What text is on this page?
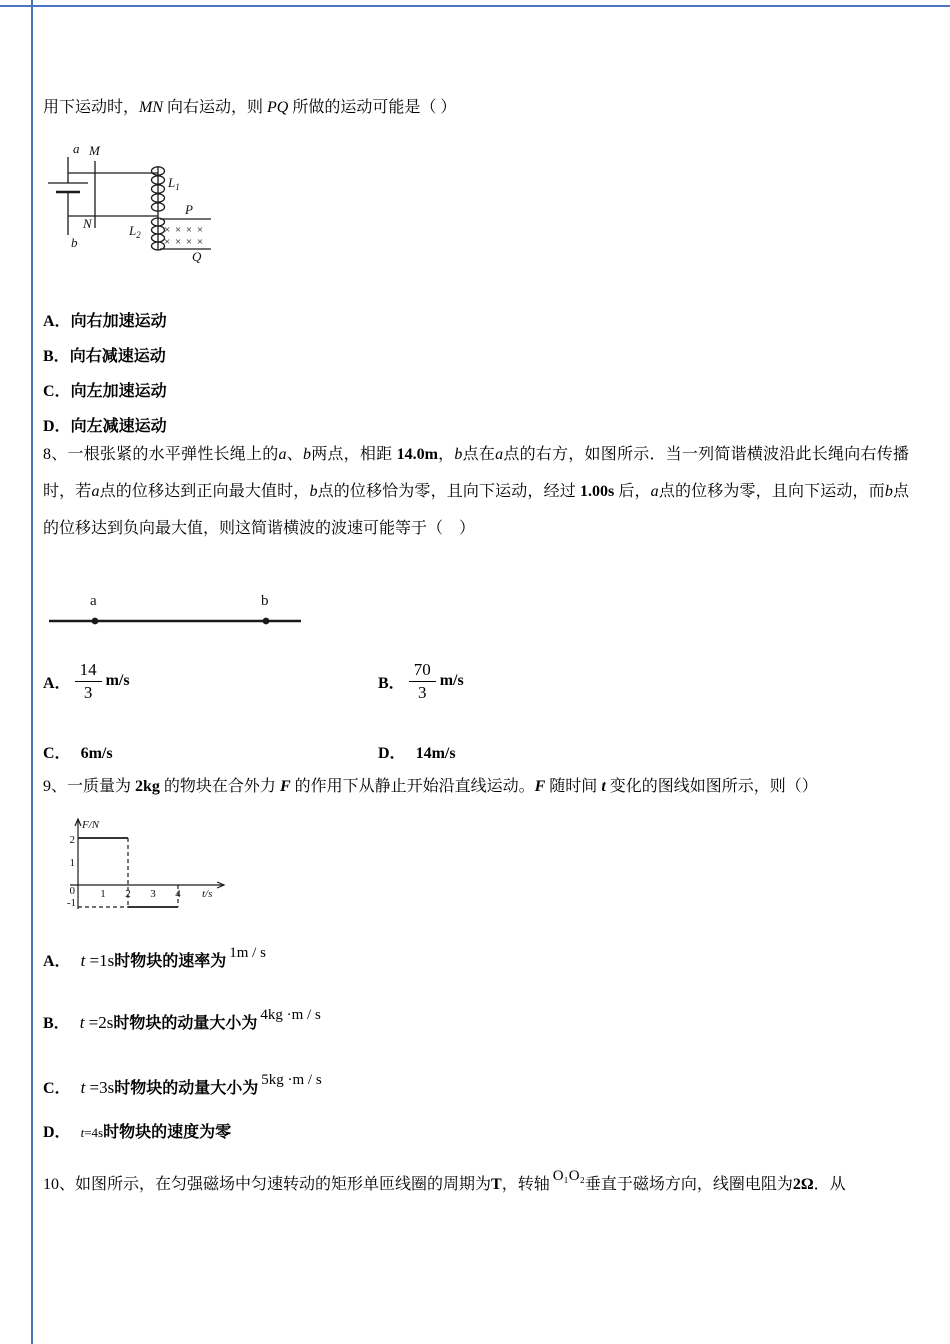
用下运动时，MN 向右运动，则 PQ 所做的运动可能是（ ）
a
b
M
N
$L_1$
$L_2$
P
Q
× × × ×
× × × ×
A．向右加速运动
B．向右减速运动
C．向左加速运动
D．向左减速运动
8、一根张紧的水平弹性长绳上的a、b两点，相距 14.0m，b点在a点的右方，如图所示．当一列简谐横波沿此长绳向右传播时，若a点的位移达到正向最大值时，b点的位移恰为零，且向下运动，经过 1.00s 后，a点的位移为零，且向下运动，而b点的位移达到负向最大值，则这简谐横波的波速可能等于（　）
a	b
A． $\frac{14}{3} m/s$	B． $\frac{70}{3} m/s$
C． 6m/s	D． 14m/s
9、一质量为 2kg 的物块在合外力 F 的作用下从静止开始沿直线运动。F 随时间 t 变化的图线如图所示，则（）
F/N
t/s
2
1
0
-1
1 2 3 4
A． t =1s时物块的速率为 1m / s
B． t =2s时物块的动量大小为 4kg ·m / s
C． t =3s时物块的动量大小为 5kg ·m / s
D． t=4s时物块的速度为零
10、如图所示，在匀强磁场中匀速转动的矩形单匝线圈的周期为T，转轴 O₁O₂垂直于磁场方向，线圈电阻为2Ω．从
